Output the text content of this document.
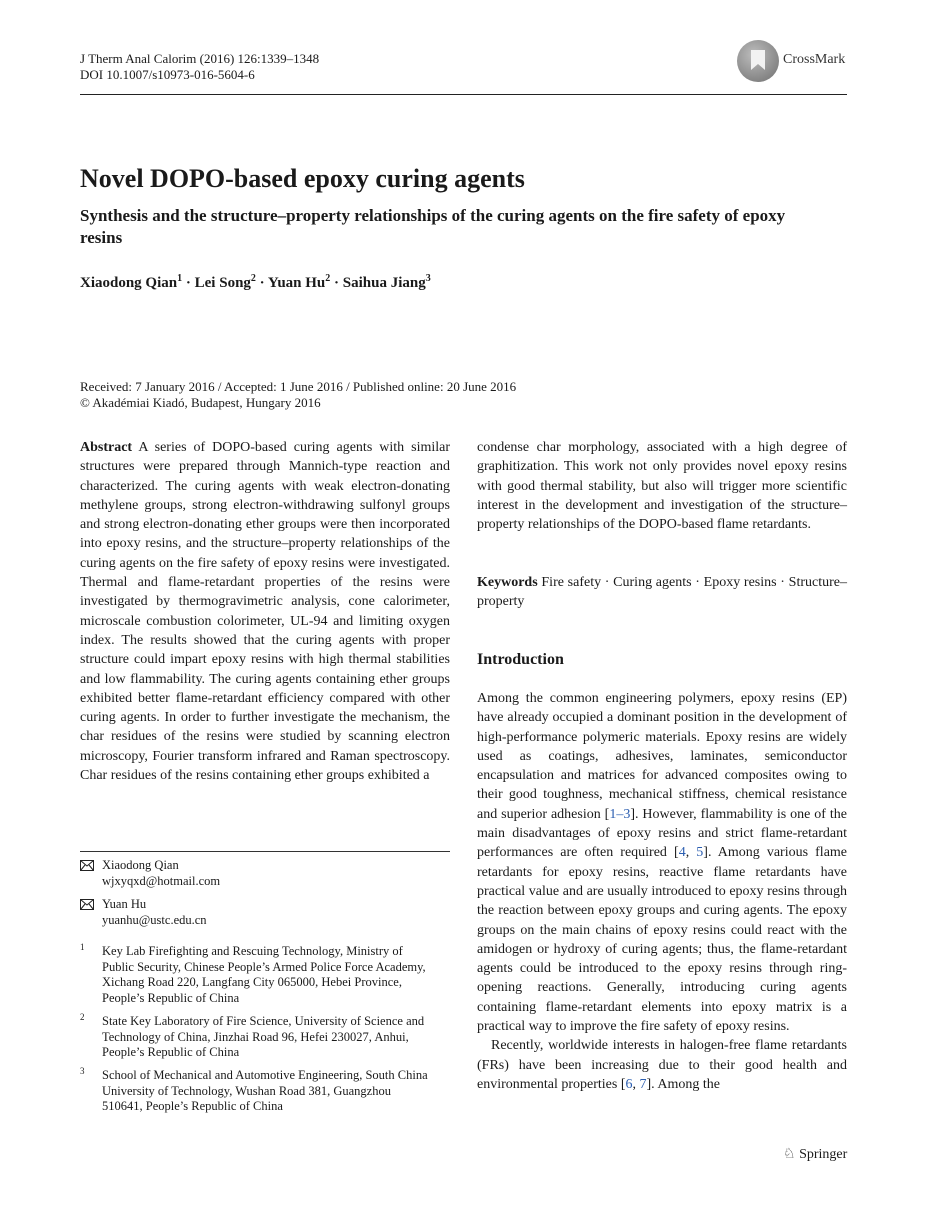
J Therm Anal Calorim (2016) 126:1339–1348
DOI 10.1007/s10973-016-5604-6
CrossMark
Novel DOPO-based epoxy curing agents
Synthesis and the structure–property relationships of the curing agents on the fire safety of epoxy resins
Xiaodong Qian$^1$ · Lei Song$^2$ · Yuan $Hu^2$ · Saihua Jiang$^3$
Received: 7 January 2016 / Accepted: 1 June 2016 / Published online: 20 June 2016
© Akadémiai Kiadó, Budapest, Hungary 2016

Abstract A series of DOPO-based curing agents with similar structures were prepared through Mannich-type reaction and characterized. The curing agents with weak electron-donating methylene groups, strong electron-withdrawing sulfonyl groups and strong electron-donating ether groups were then incorporated into epoxy resins, and the structure–property relationships of the curing agents on the fire safety of epoxy resins were investigated. Thermal and flame-retardant properties of the resins were investigated by thermogravimetric analysis, cone calorimeter, microscale combustion colorimeter, UL-94 and limiting oxygen index. The results showed that the curing agents with proper structure could impart epoxy resins with high thermal stabilities and low flammability. The curing agents containing ether groups exhibited better flame-retardant efficiency compared with other curing agents. In order to further investigate the mechanism, the char residues of the resins were studied by scanning electron microscopy, Fourier transform infrared and Raman spectroscopy. Char residues of the resins containing ether groups exhibited a

condense char morphology, associated with a high degree of graphitization. This work not only provides novel epoxy resins with good thermal stability, but also will trigger more scientific interest in the development and investigation of the structure–property relationships of the DOPO-based flame retardants.

Keywords Fire safety · Curing agents · Epoxy resins · Structure–property

Introduction

Among the common engineering polymers, epoxy resins (EP) have already occupied a dominant position in the development of high-performance polymeric materials. Epoxy resins are widely used as coatings, adhesives, laminates, semiconductor encapsulation and matrices for advanced composites owing to their good toughness, mechanical stiffness, chemical resistance and superior adhesion [1–3]. However, flammability is one of the main disadvantages of epoxy resins and strict flame-retardant performances are often required [4, 5]. Among various flame retardants for epoxy resins, reactive flame retardants have practical value and are usually introduced to epoxy resins through the reaction between epoxy groups and curing agents. The epoxy groups on the main chains of epoxy resins could react with the amidogen or hydroxy of curing agents; thus, the flame-retardant agents could be introduced to the epoxy resins through ring-opening reactions. Generally, introducing curing agents containing flame-retardant elements into epoxy matrix is a practical way to improve the fire safety of epoxy resins.

Recently, worldwide interests in halogen-free flame retardants (FRs) have been increasing due to their good health and environmental properties [6, 7]. Among the

Xiaodong Qian
wjxyqxd@hotmail.com
Yuan Hu
yuanhu@ustc.edu.cn
1 Key Lab Firefighting and Rescuing Technology, Ministry of Public Security, Chinese People’s Armed Police Force Academy, Xichang Road 220, Langfang City 065000, Hebei Province, People’s Republic of China
2 State Key Laboratory of Fire Science, University of Science and Technology of China, Jinzhai Road 96, Hefei 230027, Anhui, People’s Republic of China
3 School of Mechanical and Automotive Engineering, South China University of Technology, Wushan Road 381, Guangzhou 510641, People’s Republic of China
♘ Springer
